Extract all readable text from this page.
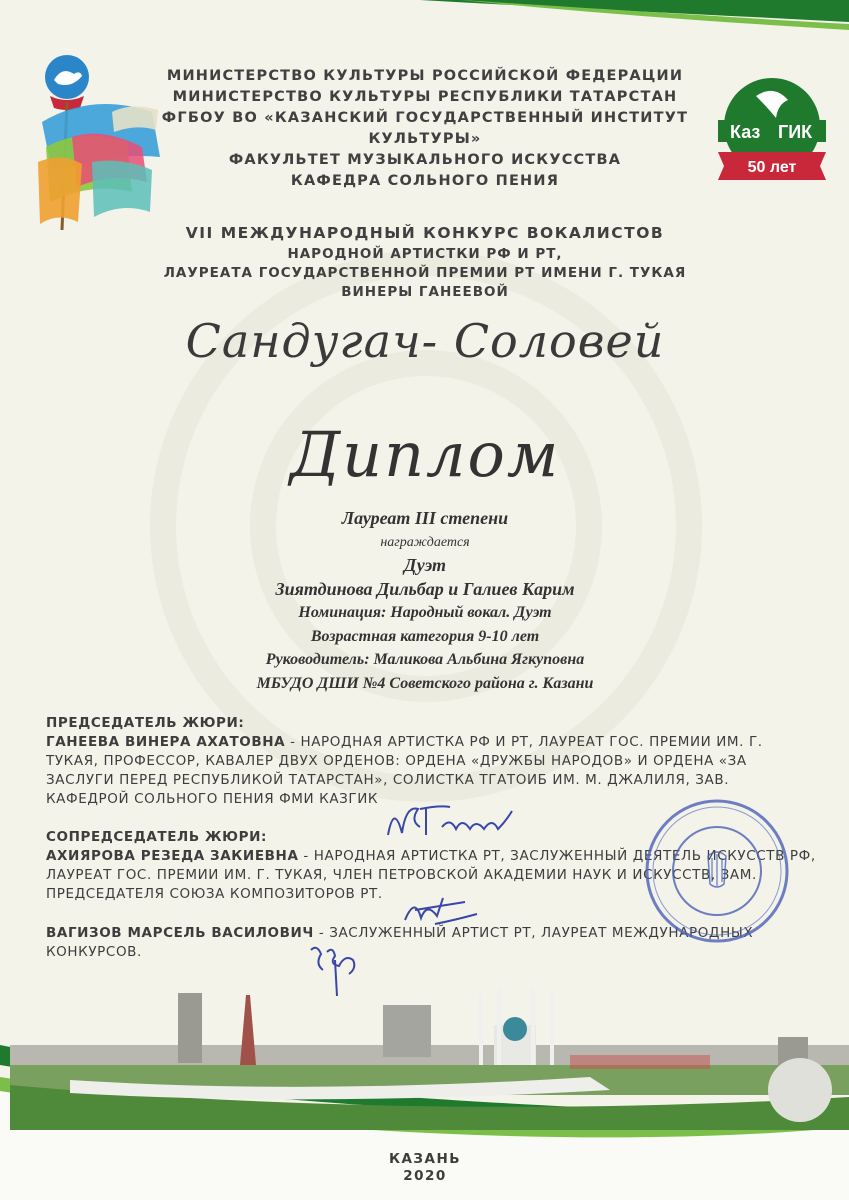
Каз ГИК
50 лет
МИНИСТЕРСТВО КУЛЬТУРЫ РОССИЙСКОЙ ФЕДЕРАЦИИ
МИНИСТЕРСТВО КУЛЬТУРЫ РЕСПУБЛИКИ ТАТАРСТАН
ФГБОУ ВО «КАЗАНСКИЙ ГОСУДАРСТВЕННЫЙ ИНСТИТУТ КУЛЬТУРЫ»
ФАКУЛЬТЕТ МУЗЫКАЛЬНОГО ИСКУССТВА
КАФЕДРА СОЛЬНОГО ПЕНИЯ
VII МЕЖДУНАРОДНЫЙ КОНКУРС ВОКАЛИСТОВ
НАРОДНОЙ АРТИСТКИ РФ И РТ,
ЛАУРЕАТА ГОСУДАРСТВЕННОЙ ПРЕМИИ РТ ИМЕНИ Г. ТУКАЯ
ВИНЕРЫ ГАНЕЕВОЙ
Сандугач- Соловей
Диплом
Лауреат III степени
награждается
Дуэт
Зиятдинова Дильбар и Галиев Карим
Номинация: Народный вокал. Дуэт
Возрастная категория 9-10 лет
Руководитель: Маликова Альбина Ягкуповна
МБУДО ДШИ №4 Советского района г. Казани
ПРЕДСЕДАТЕЛЬ ЖЮРИ:
ГАНЕЕВА ВИНЕРА АХАТОВНА - НАРОДНАЯ АРТИСТКА РФ И РТ, ЛАУРЕАТ ГОС. ПРЕМИИ ИМ. Г. ТУКАЯ, ПРОФЕССОР, КАВАЛЕР ДВУХ ОРДЕНОВ: ОРДЕНА «ДРУЖБЫ НАРОДОВ» И ОРДЕНА «ЗА ЗАСЛУГИ ПЕРЕД РЕСПУБЛИКОЙ ТАТАРСТАН», СОЛИСТКА ТГАТОИБ ИМ. М. ДЖАЛИЛЯ, ЗАВ. КАФЕДРОЙ СОЛЬНОГО ПЕНИЯ ФМИ КАЗГИК
СОПРЕДСЕДАТЕЛЬ ЖЮРИ:
АХИЯРОВА РЕЗЕДА ЗАКИЕВНА - НАРОДНАЯ АРТИСТКА РТ, ЗАСЛУЖЕННЫЙ ДЕЯТЕЛЬ ИСКУССТВ РФ, ЛАУРЕАТ ГОС. ПРЕМИИ ИМ. Г. ТУКАЯ, ЧЛЕН ПЕТРОВСКОЙ АКАДЕМИИ НАУК И ИСКУССТВ, ЗАМ. ПРЕДСЕДАТЕЛЯ СОЮЗА КОМПОЗИТОРОВ РТ.
ВАГИЗОВ МАРСЕЛЬ ВАСИЛОВИЧ - ЗАСЛУЖЕННЫЙ АРТИСТ РТ, ЛАУРЕАТ МЕЖДУНАРОДНЫХ КОНКУРСОВ.
КАЗАНЬ
2020
